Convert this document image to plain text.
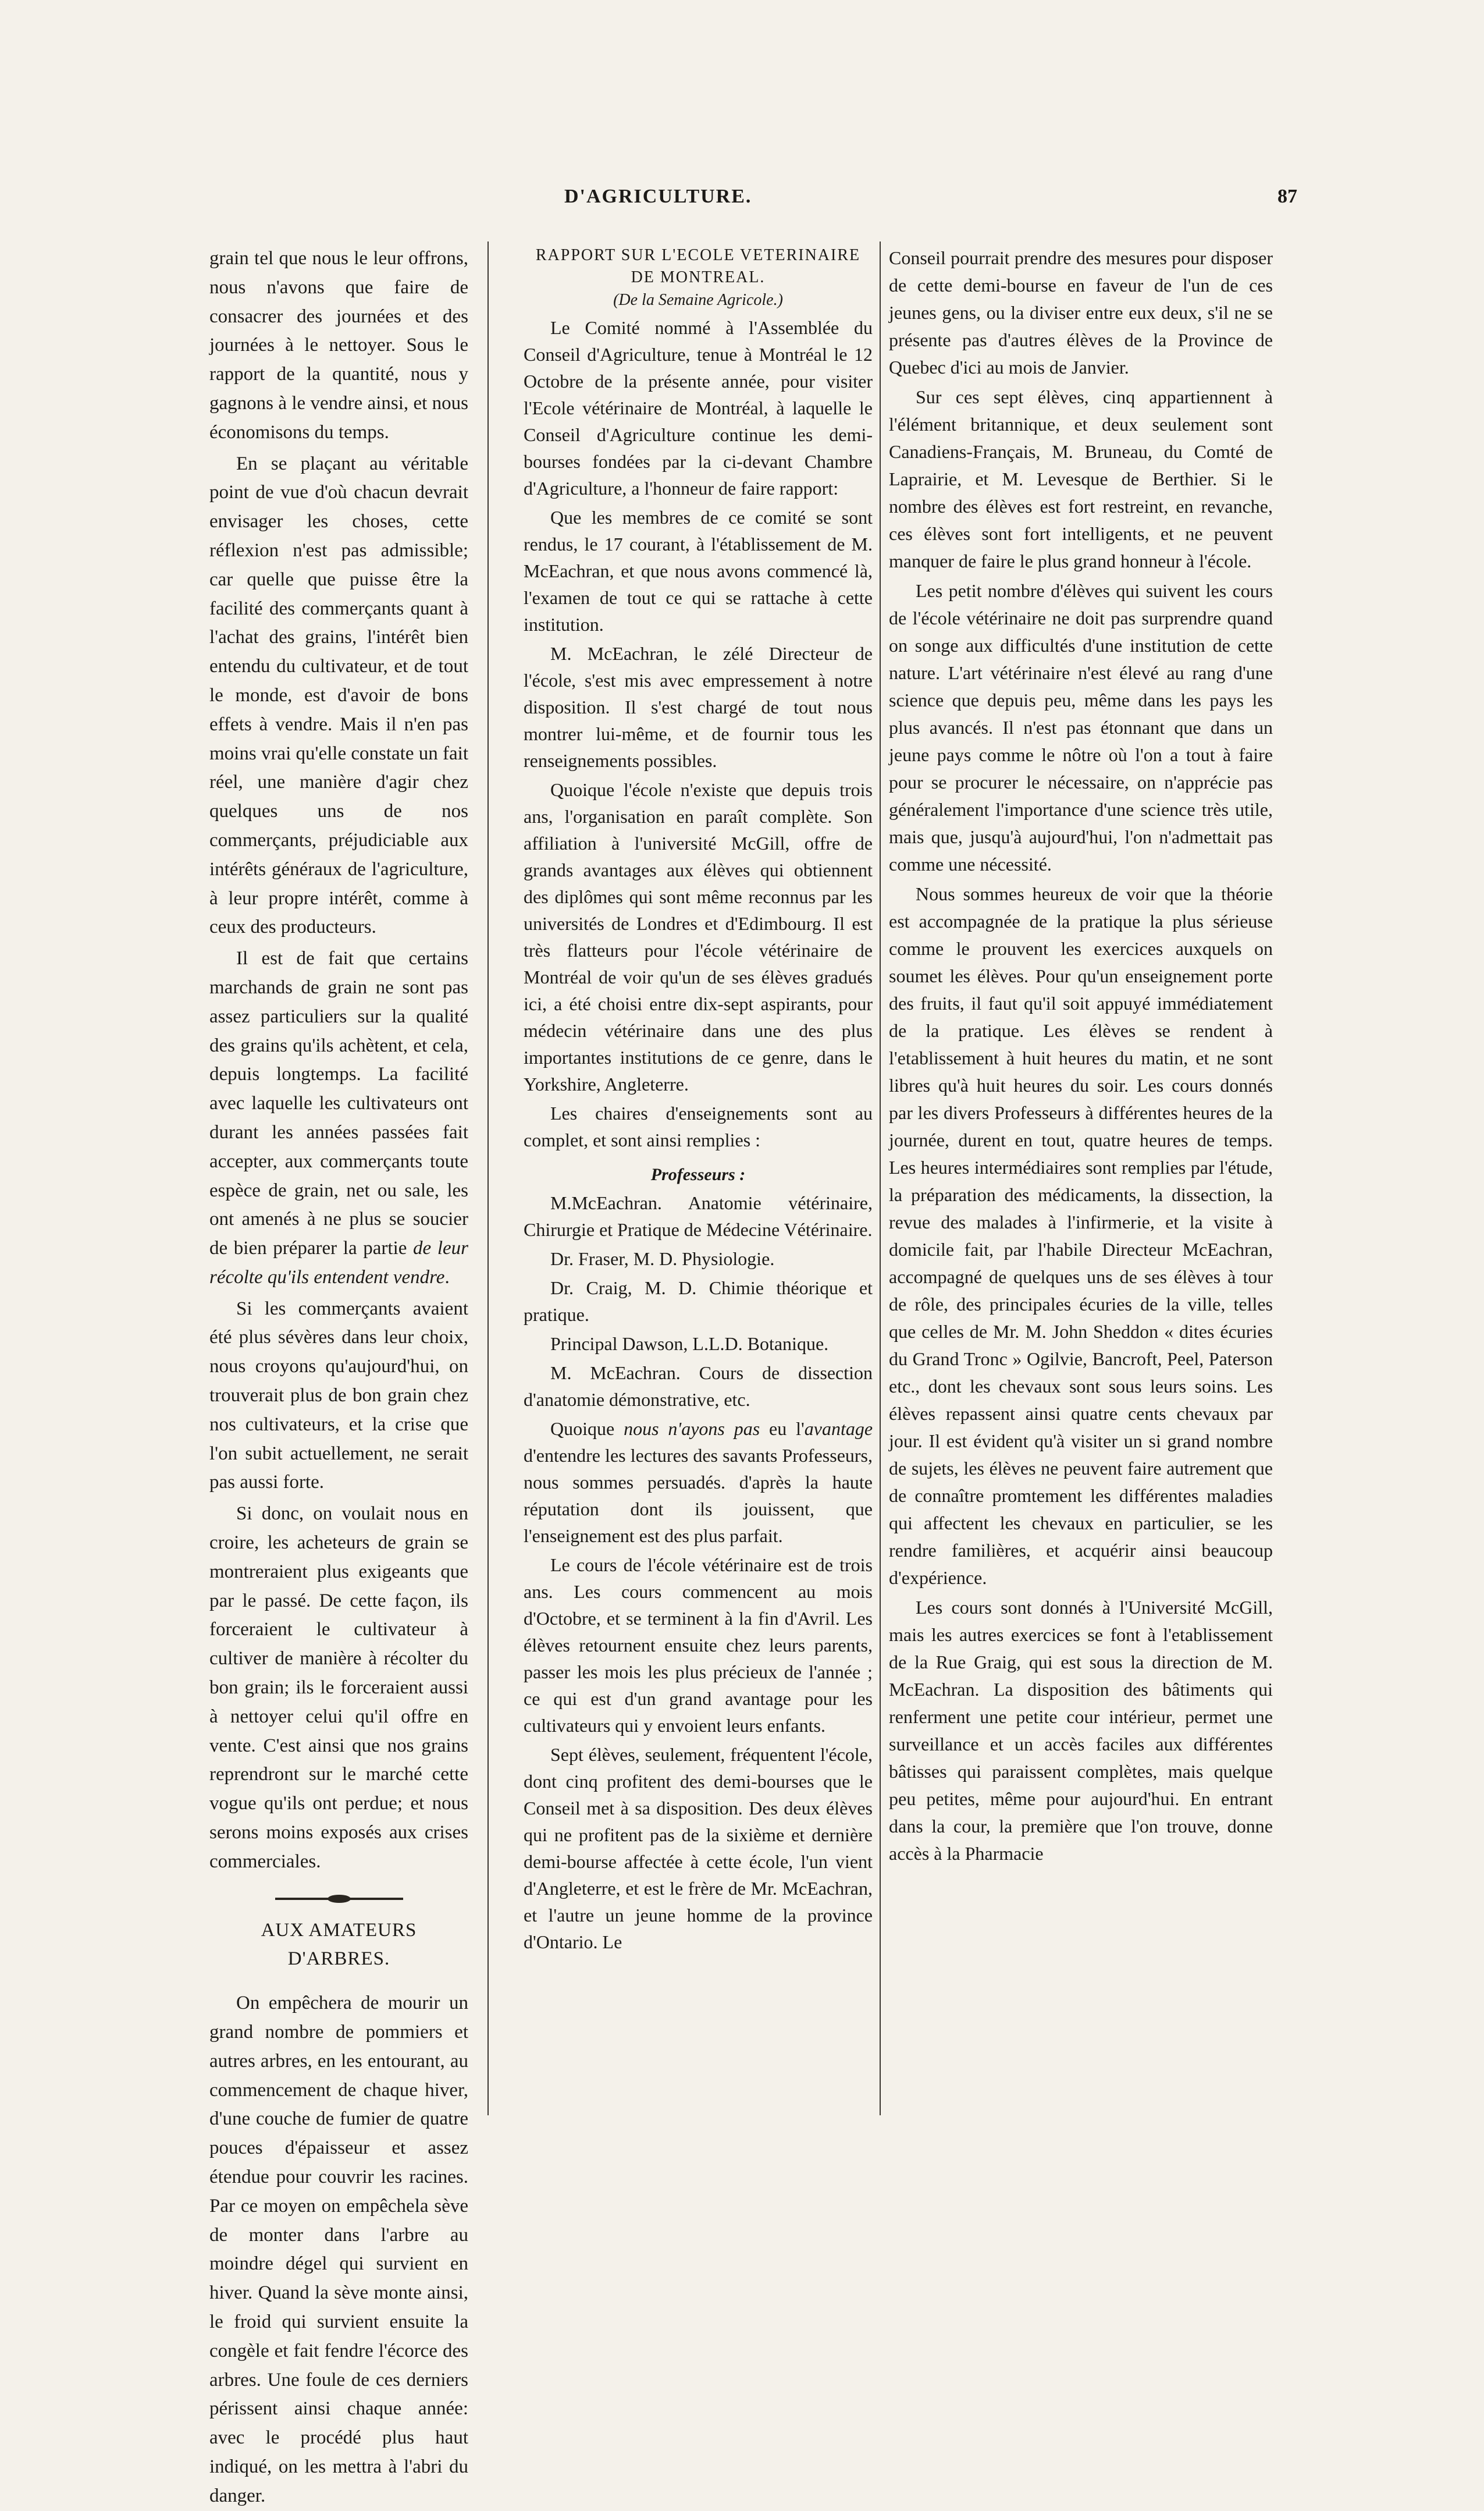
D'AGRICULTURE.	87

grain tel que nous le leur offrons, nous n'avons que faire de consacrer des journées et des journées à le nettoyer. Sous le rapport de la quantité, nous y gagnons à le vendre ainsi, et nous économisons du temps.

En se plaçant au véritable point de vue d'où chacun devrait envisager les choses, cette réflexion n'est pas admissible; car quelle que puisse être la facilité des commerçants quant à l'achat des grains, l'intérêt bien entendu du cultivateur, et de tout le monde, est d'avoir de bons effets à vendre. Mais il n'en pas moins vrai qu'elle constate un fait réel, une manière d'agir chez quelques uns de nos commerçants, préjudiciable aux intérêts généraux de l'agriculture, à leur propre intérêt, comme à ceux des producteurs.

Il est de fait que certains marchands de grain ne sont pas assez particuliers sur la qualité des grains qu'ils achètent, et cela, depuis longtemps. La facilité avec laquelle les cultivateurs ont durant les années passées fait accepter, aux commerçants toute espèce de grain, net ou sale, les ont amenés à ne plus se soucier de bien préparer la partie de leur récolte qu'ils entendent vendre.

Si les commerçants avaient été plus sévères dans leur choix, nous croyons qu'aujourd'hui, on trouverait plus de bon grain chez nos cultivateurs, et la crise que l'on subit actuellement, ne serait pas aussi forte.

Si donc, on voulait nous en croire, les acheteurs de grain se montreraient plus exigeants que par le passé. De cette façon, ils forceraient le cultivateur à cultiver de manière à récolter du bon grain; ils le forceraient aussi à nettoyer celui qu'il offre en vente. C'est ainsi que nos grains reprendront sur le marché cette vogue qu'ils ont perdue; et nous serons moins exposés aux crises commerciales.

AUX AMATEURS D'ARBRES.

On empêchera de mourir un grand nombre de pommiers et autres arbres, en les entourant, au commencement de chaque hiver, d'une couche de fumier de quatre pouces d'épaisseur et assez étendue pour couvrir les racines. Par ce moyen on empêchela sève de monter dans l'arbre au moindre dégel qui survient en hiver. Quand la sève monte ainsi, le froid qui survient ensuite la congèle et fait fendre l'écorce des arbres. Une foule de ces derniers périssent ainsi chaque année: avec le procédé plus haut indiqué, on les mettra à l'abri du danger.

RAPPORT SUR L'ECOLE VETERINAIRE
DE MONTREAL.
(De la Semaine Agricole.)

Le Comité nommé à l'Assemblée du Conseil d'Agriculture, tenue à Montréal le 12 Octobre de la présente année, pour visiter l'Ecole vétérinaire de Montréal, à laquelle le Conseil d'Agriculture continue les demi-bourses fondées par la ci-devant Chambre d'Agriculture, a l'honneur de faire rapport:

Que les membres de ce comité se sont rendus, le 17 courant, à l'établissement de M. McEachran, et que nous avons commencé là, l'examen de tout ce qui se rattache à cette institution.

M. McEachran, le zélé Directeur de l'école, s'est mis avec empressement à notre disposition. Il s'est chargé de tout nous montrer lui-même, et de fournir tous les renseignements possibles.

Quoique l'école n'existe que depuis trois ans, l'organisation en paraît complète. Son affiliation à l'université McGill, offre de grands avantages aux élèves qui obtiennent des diplômes qui sont même reconnus par les universités de Londres et d'Edimbourg. Il est très flatteurs pour l'école vétérinaire de Montréal de voir qu'un de ses élèves gradués ici, a été choisi entre dix-sept aspirants, pour médecin vétérinaire dans une des plus importantes institutions de ce genre, dans le Yorkshire, Angleterre.

Les chaires d'enseignements sont au complet, et sont ainsi remplies :

Professeurs :

M.McEachran. Anatomie vétérinaire, Chirurgie et Pratique de Médecine Vétérinaire.

Dr. Fraser, M. D. Physiologie.

Dr. Craig, M. D. Chimie théorique et pratique.

Principal Dawson, L.L.D. Botanique.

M. McEachran. Cours de dissection d'anatomie démonstrative, etc.

Quoique nous n'ayons pas eu l'avantage d'entendre les lectures des savants Professeurs, nous sommes persuadés. d'après la haute réputation dont ils jouissent, que l'enseignement est des plus parfait.

Le cours de l'école vétérinaire est de trois ans. Les cours commencent au mois d'Octobre, et se terminent à la fin d'Avril. Les élèves retournent ensuite chez leurs parents, passer les mois les plus précieux de l'année ; ce qui est d'un grand avantage pour les cultivateurs qui y envoient leurs enfants.

Sept élèves, seulement, fréquentent l'école, dont cinq profitent des demi-bourses que le Conseil met à sa disposition. Des deux élèves qui ne profitent pas de la sixième et dernière demi-bourse affectée à cette école, l'un vient d'Angleterre, et est le frère de Mr. McEachran, et l'autre un jeune homme de la province d'Ontario. Le

Conseil pourrait prendre des mesures pour disposer de cette demi-bourse en faveur de l'un de ces jeunes gens, ou la diviser entre eux deux, s'il ne se présente pas d'autres élèves de la Province de Quebec d'ici au mois de Janvier.

Sur ces sept élèves, cinq appartiennent à l'élément britannique, et deux seulement sont Canadiens-Français, M. Bruneau, du Comté de Laprairie, et M. Levesque de Berthier. Si le nombre des élèves est fort restreint, en revanche, ces élèves sont fort intelligents, et ne peuvent manquer de faire le plus grand honneur à l'école.

Les petit nombre d'élèves qui suivent les cours de l'école vétérinaire ne doit pas surprendre quand on songe aux difficultés d'une institution de cette nature. L'art vétérinaire n'est élevé au rang d'une science que depuis peu, même dans les pays les plus avancés. Il n'est pas étonnant que dans un jeune pays comme le nôtre où l'on a tout à faire pour se procurer le nécessaire, on n'apprécie pas généralement l'importance d'une science très utile, mais que, jusqu'à aujourd'hui, l'on n'admettait pas comme une nécessité.

Nous sommes heureux de voir que la théorie est accompagnée de la pratique la plus sérieuse comme le prouvent les exercices auxquels on soumet les élèves. Pour qu'un enseignement porte des fruits, il faut qu'il soit appuyé immédiatement de la pratique. Les élèves se rendent à l'etablissement à huit heures du matin, et ne sont libres qu'à huit heures du soir. Les cours donnés par les divers Professeurs à différentes heures de la journée, durent en tout, quatre heures de temps. Les heures intermédiaires sont remplies par l'étude, la préparation des médicaments, la dissection, la revue des malades à l'infirmerie, et la visite à domicile fait, par l'habile Directeur McEachran, accompagné de quelques uns de ses élèves à tour de rôle, des principales écuries de la ville, telles que celles de Mr. M. John Sheddon « dites écuries du Grand Tronc » Ogilvie, Bancroft, Peel, Paterson etc., dont les chevaux sont sous leurs soins. Les élèves repassent ainsi quatre cents chevaux par jour. Il est évident qu'à visiter un si grand nombre de sujets, les élèves ne peuvent faire autrement que de connaître promtement les différentes maladies qui affectent les chevaux en particulier, se les rendre familières, et acquérir ainsi beaucoup d'expérience.

Les cours sont donnés à l'Université McGill, mais les autres exercices se font à l'etablissement de la Rue Graig, qui est sous la direction de M. McEachran. La disposition des bâtiments qui renferment une petite cour intérieur, permet une surveillance et un accès faciles aux différentes bâtisses qui paraissent complètes, mais quelque peu petites, même pour aujourd'hui. En entrant dans la cour, la première que l'on trouve, donne accès à la Pharmacie
